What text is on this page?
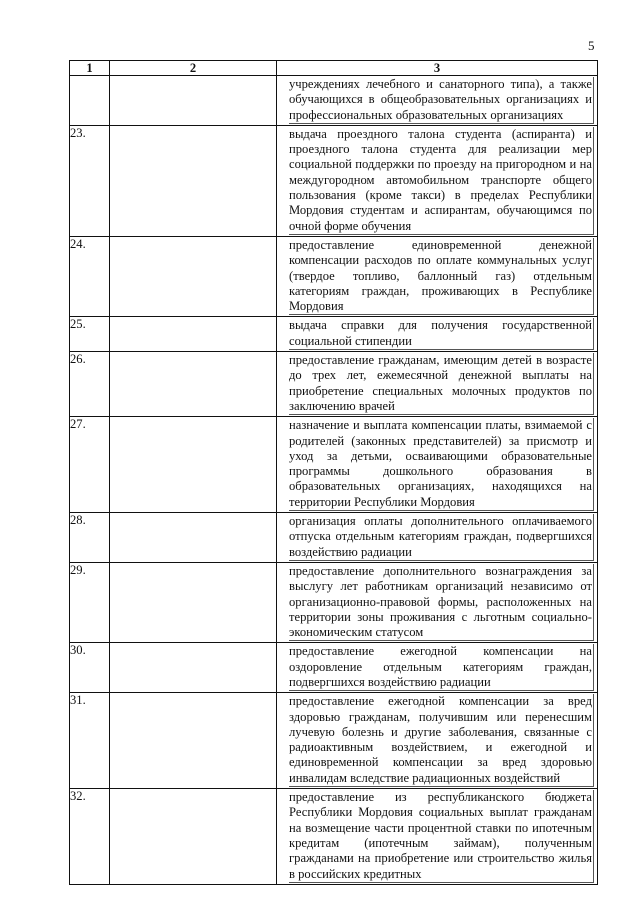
5
1	2	3

		учреждениях лечебного и санаторного типа), а также обучающихся в общеобразовательных организациях и профессиональных образовательных организациях

23.		выдача проездного талона студента (аспиранта) и проездного талона студента для реализации мер социальной поддержки по проезду на пригородном и на междугородном автомобильном транспорте общего пользования (кроме такси) в пределах Республики Мордовия студентам и аспирантам, обучающимся по очной форме обучения

24.		предоставление единовременной денежной компенсации расходов по оплате коммунальных услуг (твердое топливо, баллонный газ) отдельным категориям граждан, проживающих в Республике Мордовия

25.		выдача справки для получения государственной социальной стипендии

26.		предоставление гражданам, имеющим детей в возрасте до трех лет, ежемесячной денежной выплаты на приобретение специальных молочных продуктов по заключению врачей

27.		назначение и выплата компенсации платы, взимаемой с родителей (законных представителей) за присмотр и уход за детьми, осваивающими образовательные программы дошкольного образования в образовательных организациях, находящихся на территории Республики Мордовия

28.		организация оплаты дополнительного оплачиваемого отпуска отдельным категориям граждан, подвергшихся воздействию радиации

29.		предоставление дополнительного вознаграждения за выслугу лет работникам организаций независимо от организационно-правовой формы, расположенных на территории зоны проживания с льготным социально-экономическим статусом

30.		предоставление ежегодной компенсации на оздоровление отдельным категориям граждан, подвергшихся воздействию радиации

31.		предоставление ежегодной компенсации за вред здоровью гражданам, получившим или перенесшим лучевую болезнь и другие заболевания, связанные с радиоактивным воздействием, и ежегодной и единовременной компенсации за вред здоровью инвалидам вследствие радиационных воздействий

32.		предоставление из республиканского бюджета Республики Мордовия социальных выплат гражданам на возмещение части процентной ставки по ипотечным кредитам (ипотечным займам), полученным гражданами на приобретение или строительство жилья в российских кредитных
